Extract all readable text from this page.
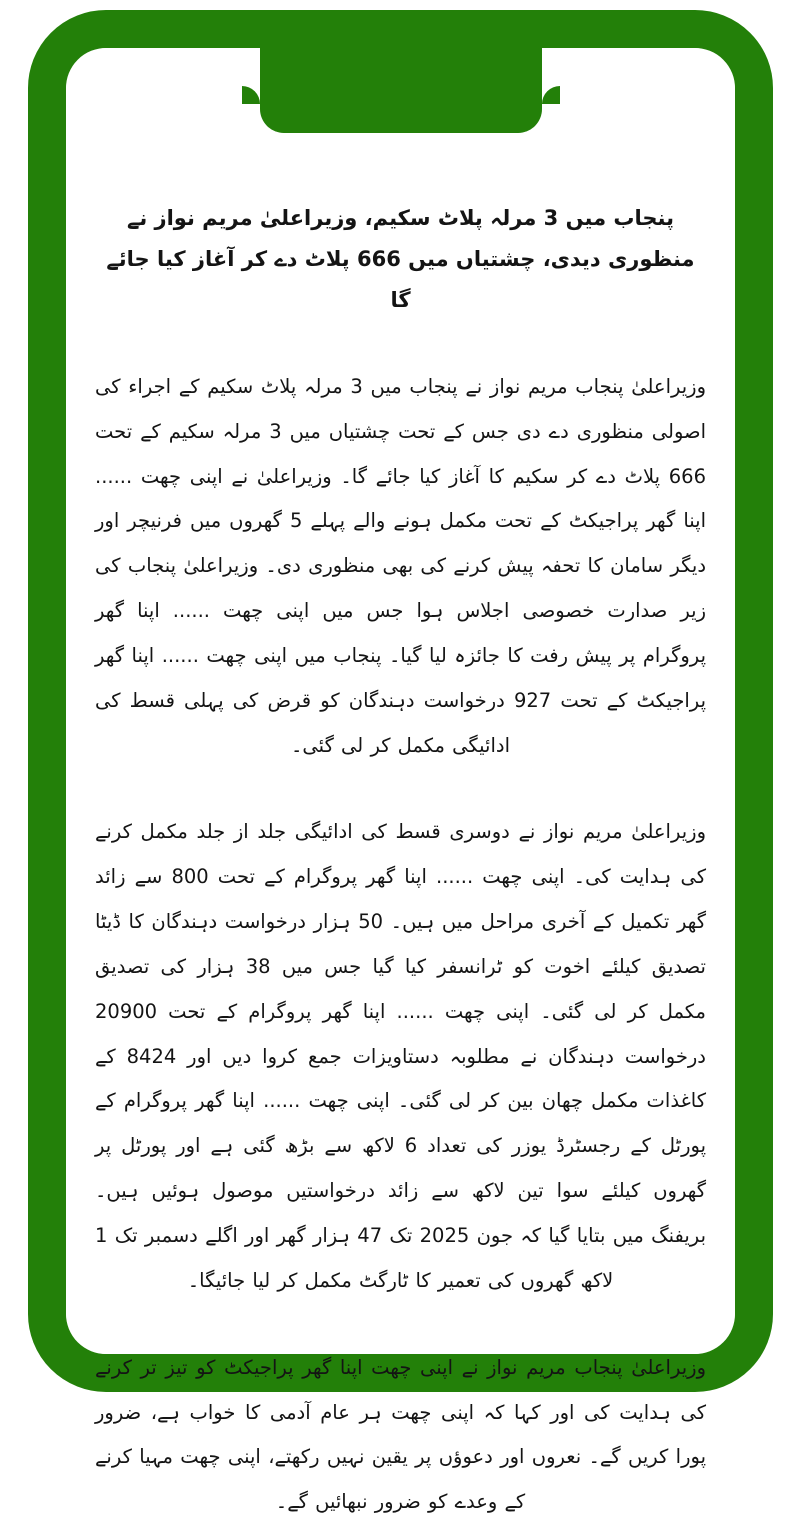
پنجاب میں 3 مرلہ پلاٹ سکیم، وزیراعلیٰ مریم نواز نے منظوری دیدی، چشتیاں میں 666 پلاٹ دے کر آغاز کیا جائے گا

وزیراعلیٰ پنجاب مریم نواز نے پنجاب میں 3 مرلہ پلاٹ سکیم کے اجراء کی اصولی منظوری دے دی جس کے تحت چشتیاں میں 3 مرلہ سکیم کے تحت 666 پلاٹ دے کر سکیم کا آغاز کیا جائے گا۔ وزیراعلیٰ نے اپنی چھت ...... اپنا گھر پراجیکٹ کے تحت مکمل ہونے والے پہلے 5 گھروں میں فرنیچر اور دیگر سامان کا تحفہ پیش کرنے کی بھی منظوری دی۔ وزیراعلیٰ پنجاب کی زیر صدارت خصوصی اجلاس ہوا جس میں اپنی چھت ...... اپنا گھر پروگرام پر پیش رفت کا جائزہ لیا گیا۔ پنجاب میں اپنی چھت ...... اپنا گھر پراجیکٹ کے تحت 927 درخواست دہندگان کو قرض کی پہلی قسط کی ادائیگی مکمل کر لی گئی۔

وزیراعلیٰ مریم نواز نے دوسری قسط کی ادائیگی جلد از جلد مکمل کرنے کی ہدایت کی۔ اپنی چھت ...... اپنا گھر پروگرام کے تحت 800 سے زائد گھر تکمیل کے آخری مراحل میں ہیں۔ 50 ہزار درخواست دہندگان کا ڈیٹا تصدیق کیلئے اخوت کو ٹرانسفر کیا گیا جس میں 38 ہزار کی تصدیق مکمل کر لی گئی۔ اپنی چھت ...... اپنا گھر پروگرام کے تحت 20900 درخواست دہندگان نے مطلوبہ دستاویزات جمع کروا دیں اور 8424 کے کاغذات مکمل چھان بین کر لی گئی۔ اپنی چھت ...... اپنا گھر پروگرام کے پورٹل کے رجسٹرڈ یوزر کی تعداد 6 لاکھ سے بڑھ گئی ہے اور پورٹل پر گھروں کیلئے سوا تین لاکھ سے زائد درخواستیں موصول ہوئیں ہیں۔ بریفنگ میں بتایا گیا کہ جون 2025 تک 47 ہزار گھر اور اگلے دسمبر تک 1 لاکھ گھروں کی تعمیر کا ٹارگٹ مکمل کر لیا جائیگا۔

وزیراعلیٰ پنجاب مریم نواز نے اپنی چھت اپنا گھر پراجیکٹ کو تیز تر کرنے کی ہدایت کی اور کہا کہ اپنی چھت ہر عام آدمی کا خواب ہے، ضرور پورا کریں گے۔ نعروں اور دعوؤں پر یقین نہیں رکھتے، اپنی چھت مہیا کرنے کے وعدے کو ضرور نبھائیں گے۔
